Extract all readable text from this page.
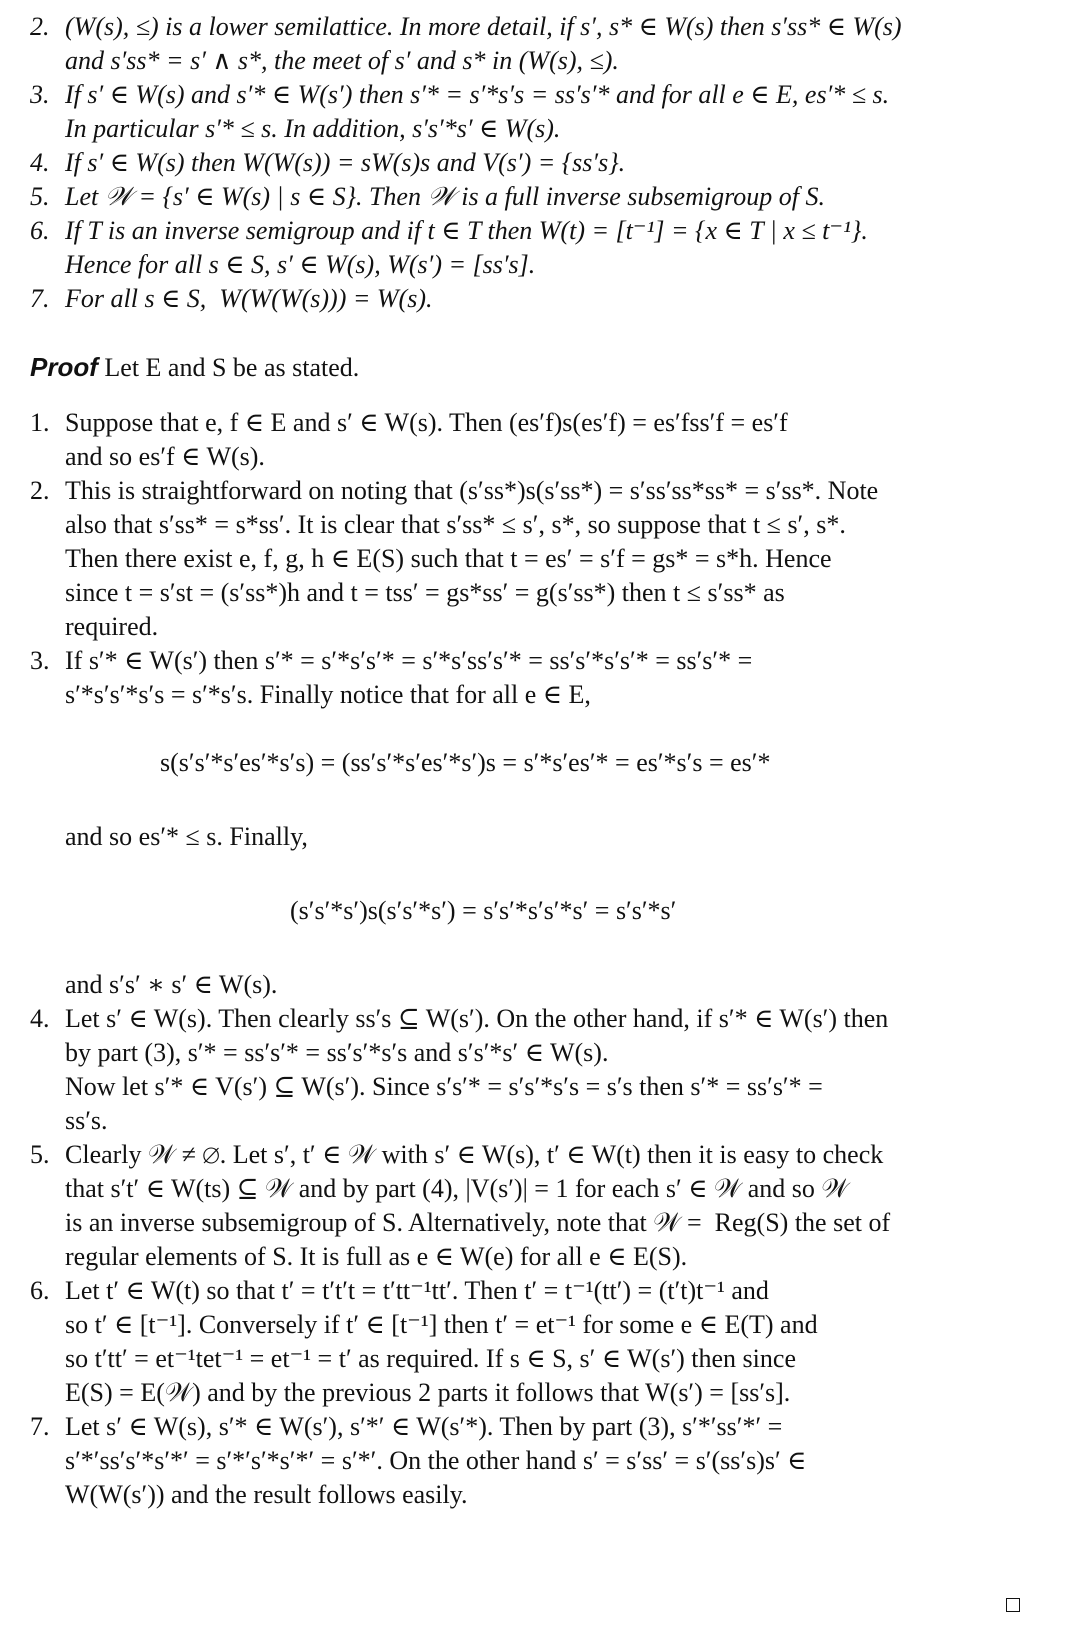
2. (W(s), ≤) is a lower semilattice. In more detail, if s′, s* ∈ W(s) then s′ss* ∈ W(s)
and s′ss* = s′ ∧ s*, the meet of s′ and s* in (W(s), ≤).
3. If s′ ∈ W(s) and s′* ∈ W(s′) then s′* = s′*s′s = ss′s′* and for all e ∈ E, es′* ≤ s.
In particular s′* ≤ s. In addition, s′s′*s′ ∈ W(s).
4. If s′ ∈ W(s) then W(W(s)) = sW(s)s and V(s′) = {ss′s}.
5. Let 𝒲 = {s′ ∈ W(s) | s ∈ S}. Then 𝒲 is a full inverse subsemigroup of S.
6. If T is an inverse semigroup and if t ∈ T then W(t) = [t⁻¹] = {x ∈ T | x ≤ t⁻¹}.
Hence for all s ∈ S, s′ ∈ W(s), W(s′) = [ss′s].
7. For all s ∈ S,  W(W(W(s))) = W(s).
Proof Let E and S be as stated.
1. Suppose that e, f ∈ E and s′ ∈ W(s). Then (es′f)s(es′f) = es′fss′f = es′f
and so es′f ∈ W(s).
2. This is straightforward on noting that (s′ss*)s(s′ss*) = s′ss′ss*ss* = s′ss*. Note
also that s′ss* = s*ss′. It is clear that s′ss* ≤ s′, s*, so suppose that t ≤ s′, s*.
Then there exist e, f, g, h ∈ E(S) such that t = es′ = s′f = gs* = s*h. Hence
since t = s′st = (s′ss*)h and t = tss′ = gs*ss′ = g(s′ss*) then t ≤ s′ss* as
required.
3. If s′* ∈ W(s′) then s′* = s′*s′s′* = s′*s′ss′s′* = ss′s′*s′s′* = ss′s′* =
s′*s′s′*s′s = s′*s′s. Finally notice that for all e ∈ E,
s(s′s′*s′es′*s′s) = (ss′s′*s′es′*s′)s = s′*s′es′* = es′*s′s = es′*
and so es′* ≤ s. Finally,
(s′s′*s′)s(s′s′*s′) = s′s′*s′s′*s′ = s′s′*s′
and s′s′ ∗ s′ ∈ W(s).
4. Let s′ ∈ W(s). Then clearly ss′s ⊆ W(s′). On the other hand, if s′* ∈ W(s′) then
by part (3), s′* = ss′s′* = ss′s′*s′s and s′s′*s′ ∈ W(s).
Now let s′* ∈ V(s′) ⊆ W(s′). Since s′s′* = s′s′*s′s = s′s then s′* = ss′s′* =
ss′s.
5. Clearly 𝒲 ≠ ∅. Let s′, t′ ∈ 𝒲 with s′ ∈ W(s), t′ ∈ W(t) then it is easy to check
that s′t′ ∈ W(ts) ⊆ 𝒲 and by part (4), |V(s′)| = 1 for each s′ ∈ 𝒲 and so 𝒲
is an inverse subsemigroup of S. Alternatively, note that 𝒲 =  Reg(S) the set of
regular elements of S. It is full as e ∈ W(e) for all e ∈ E(S).
6. Let t′ ∈ W(t) so that t′ = t′t′t = t′tt⁻¹tt′. Then t′ = t⁻¹(tt′) = (t′t)t⁻¹ and
so t′ ∈ [t⁻¹]. Conversely if t′ ∈ [t⁻¹] then t′ = et⁻¹ for some e ∈ E(T) and
so t′tt′ = et⁻¹tet⁻¹ = et⁻¹ = t′ as required. If s ∈ S, s′ ∈ W(s′) then since
E(S) = E(𝒲) and by the previous 2 parts it follows that W(s′) = [ss′s].
7. Let s′ ∈ W(s), s′* ∈ W(s′), s′*′ ∈ W(s′*). Then by part (3), s′*′ss′*′ =
s′*′ss′s′*s′*′ = s′*′s′*s′*′ = s′*′. On the other hand s′ = s′ss′ = s′(ss′s)s′ ∈
W(W(s′)) and the result follows easily.
